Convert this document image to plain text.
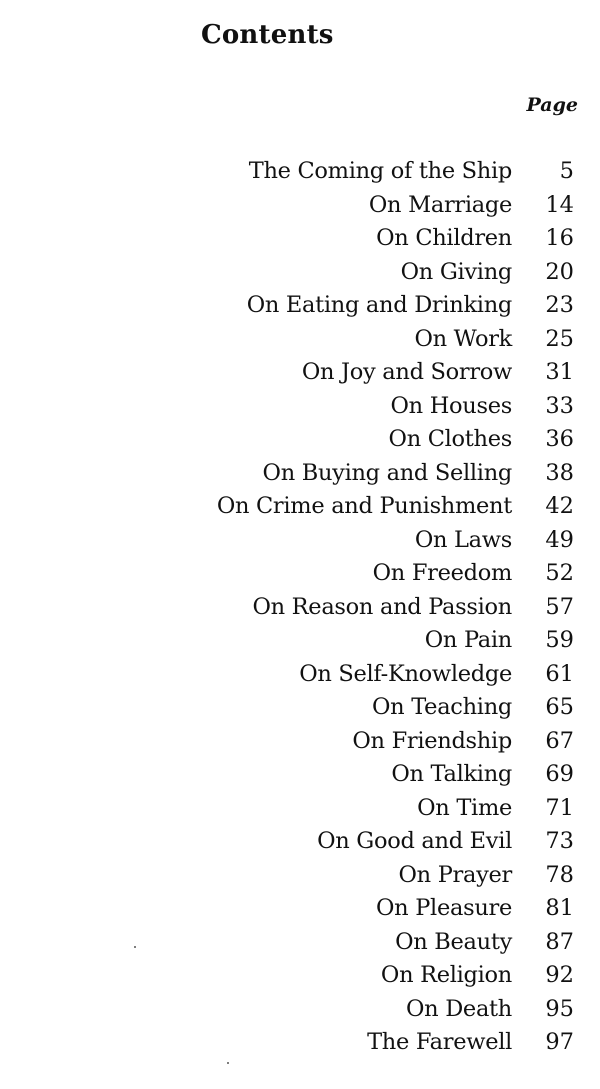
Contents
Page
The Coming of the Ship 5
On Marriage 14
On Children 16
On Giving 20
On Eating and Drinking 23
On Work 25
On Joy and Sorrow 31
On Houses 33
On Clothes 36
On Buying and Selling 38
On Crime and Punishment 42
On Laws 49
On Freedom 52
On Reason and Passion 57
On Pain 59
On Self-Knowledge 61
On Teaching 65
On Friendship 67
On Talking 69
On Time 71
On Good and Evil 73
On Prayer 78
On Pleasure 81
On Beauty 87
On Religion 92
On Death 95
The Farewell 97
